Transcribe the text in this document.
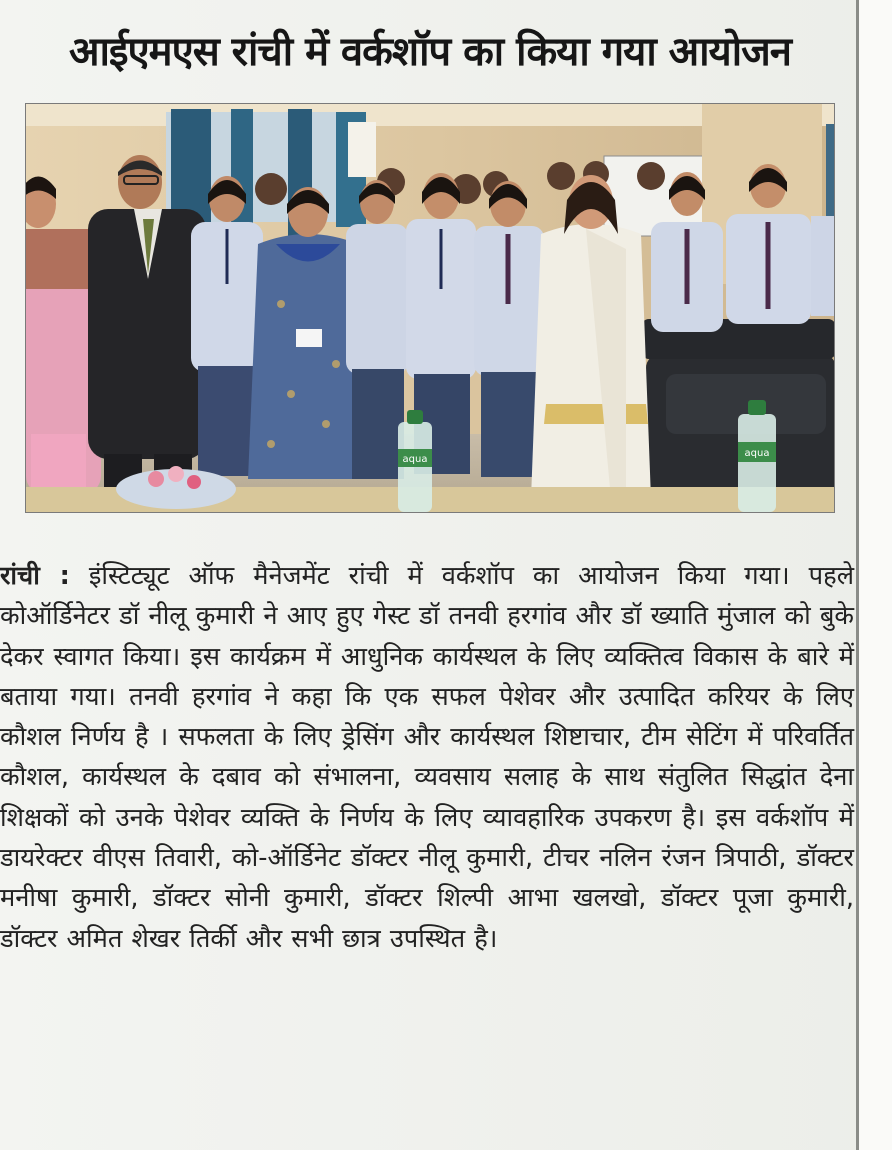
आईएमएस रांची में वर्कशॉप का किया गया आयोजन
aqua
aqua
रांची : इंस्टिट्यूट ऑफ मैनेजमेंट रांची में वर्कशॉप का आयोजन किया गया। पहले कोऑर्डिनेटर डॉ नीलू कुमारी ने आए हुए गेस्ट डॉ तनवी हरगांव और डॉ ख्याति मुंजाल को बुके देकर स्वागत किया। इस कार्यक्रम में आधुनिक कार्यस्थल के लिए व्यक्तित्व विकास के बारे में बताया गया। तनवी हरगांव ने कहा कि एक सफल पेशेवर और उत्पादित करियर के लिए कौशल निर्णय है । सफलता के लिए ड्रेसिंग और कार्यस्थल शिष्टाचार, टीम सेटिंग में परिवर्तित कौशल, कार्यस्थल के दबाव को संभालना, व्यवसाय सलाह के साथ संतुलित सिद्धांत देना शिक्षकों को उनके पेशेवर व्यक्ति के निर्णय के लिए व्यावहारिक उपकरण है। इस वर्कशॉप में डायरेक्टर वीएस तिवारी, को-ऑर्डिनेट डॉक्टर नीलू कुमारी, टीचर नलिन रंजन त्रिपाठी, डॉक्टर मनीषा कुमारी, डॉक्टर सोनी कुमारी, डॉक्टर शिल्पी आभा खलखो, डॉक्टर पूजा कुमारी, डॉक्टर अमित शेखर तिर्की और सभी छात्र उपस्थित है।
